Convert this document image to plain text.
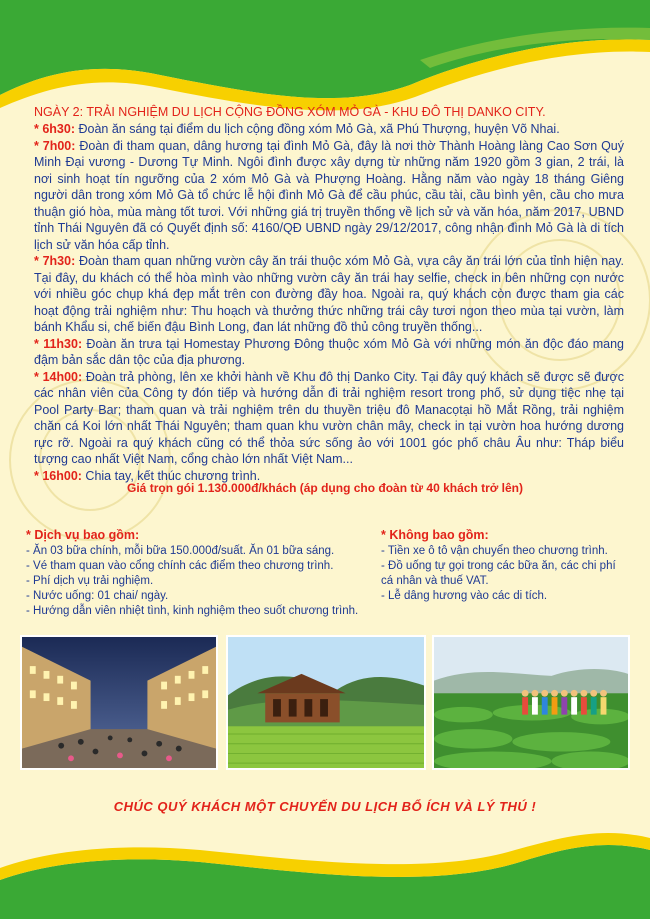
NGÀY 2: TRẢI NGHIỆM DU LỊCH CỘNG ĐỒNG XÓM MỎ GÀ - KHU ĐÔ THỊ DANKO CITY.

* 6h30: Đoàn ăn sáng tại điểm du lịch cộng đồng xóm Mỏ Gà, xã Phú Thượng, huyện Võ Nhai.

* 7h00: Đoàn đi tham quan, dâng hương tại đình Mỏ Gà, đây là nơi thờ Thành Hoàng làng Cao Sơn Quý Minh Đại vương - Dương Tự Minh. Ngôi đình được xây dựng từ những năm 1920 gồm 3 gian, 2 trái, là nơi sinh hoạt tín ngưỡng của 2 xóm Mỏ Gà và Phượng Hoàng. Hằng năm vào ngày 18 tháng Giêng người dân trong xóm Mỏ Gà tổ chức lễ hội đình Mỏ Gà để cầu phúc, cầu tài, cầu bình yên, cầu cho mưa thuận gió hòa, mùa màng tốt tươi. Với những giá trị truyền thống về lịch sử và văn hóa, năm 2017, UBND tỉnh Thái Nguyên đã có Quyết định số: 4160/QĐ UBND ngày 29/12/2017, công nhận đình Mỏ Gà là di tích lịch sử văn hóa cấp tỉnh.

* 7h30: Đoàn tham quan những vườn cây ăn trái thuộc xóm Mỏ Gà, vựa cây ăn trái lớn của tỉnh hiện nay. Tại đây, du khách có thể hòa mình vào những vườn cây ăn trái hay selfie, check in bên những cọn nước với nhiều góc chụp khá đẹp mắt trên con đường đầy hoa. Ngoài ra, quý khách còn được tham gia các hoạt động trải nghiệm như: Thu hoạch và thưởng thức những trái cây tươi ngon theo mùa tại vườn, làm bánh Khẩu si, chế biến đậu Bình Long, đan lát những đồ thủ công truyền thống...

* 11h30: Đoàn ăn trưa tại Homestay Phương Đông thuộc xóm Mỏ Gà với những món ăn độc đáo mang đậm bản sắc dân tộc của địa phương.

* 14h00: Đoàn trả phòng, lên xe khởi hành về Khu đô thị Danko City. Tại đây quý khách sẽ được sẽ được các nhân viên của Công ty đón tiếp và hướng dẫn đi trải nghiệm resort trong phố, sử dụng tiệc nhẹ tại Pool Party Bar; tham quan và trải nghiệm trên du thuyền triệu đô Manacọtại hồ Mắt Rồng, trải nghiệm chăn cá Koi lớn nhất Thái Nguyên; tham quan khu vườn chân mây, check in tại vườn hoa hướng dương rực rỡ. Ngoài ra quý khách cũng có thể thỏa sức sống ảo với 1001 góc phố châu Âu như: Tháp biểu tượng cao nhất Việt Nam, cổng chào lớn nhất Việt Nam...

* 16h00: Chia tay, kết thúc chương trình.

Giá trọn gói 1.130.000đ/khách (áp dụng cho đoàn từ 40 khách trở lên)
* Dịch vụ bao gồm:
- Ăn 03 bữa chính, mỗi bữa 150.000đ/suất. Ăn 01 bữa sáng.
- Vé tham quan vào cổng chính các điểm theo chương trình.
- Phí dịch vụ trải nghiệm.
- Nước uống: 01 chai/ ngày.
- Hướng dẫn viên nhiệt tình, kinh nghiệm theo suốt chương trình.
* Không bao gồm:
- Tiền xe ô tô vận chuyển theo chương trình.
- Đồ uống tự gọi trong các bữa ăn, các chi phí cá nhân và thuế VAT.
- Lễ dâng hương vào các di tích.
CHÚC QUÝ KHÁCH MỘT CHUYẾN DU LỊCH BỔ ÍCH VÀ LÝ THÚ !
